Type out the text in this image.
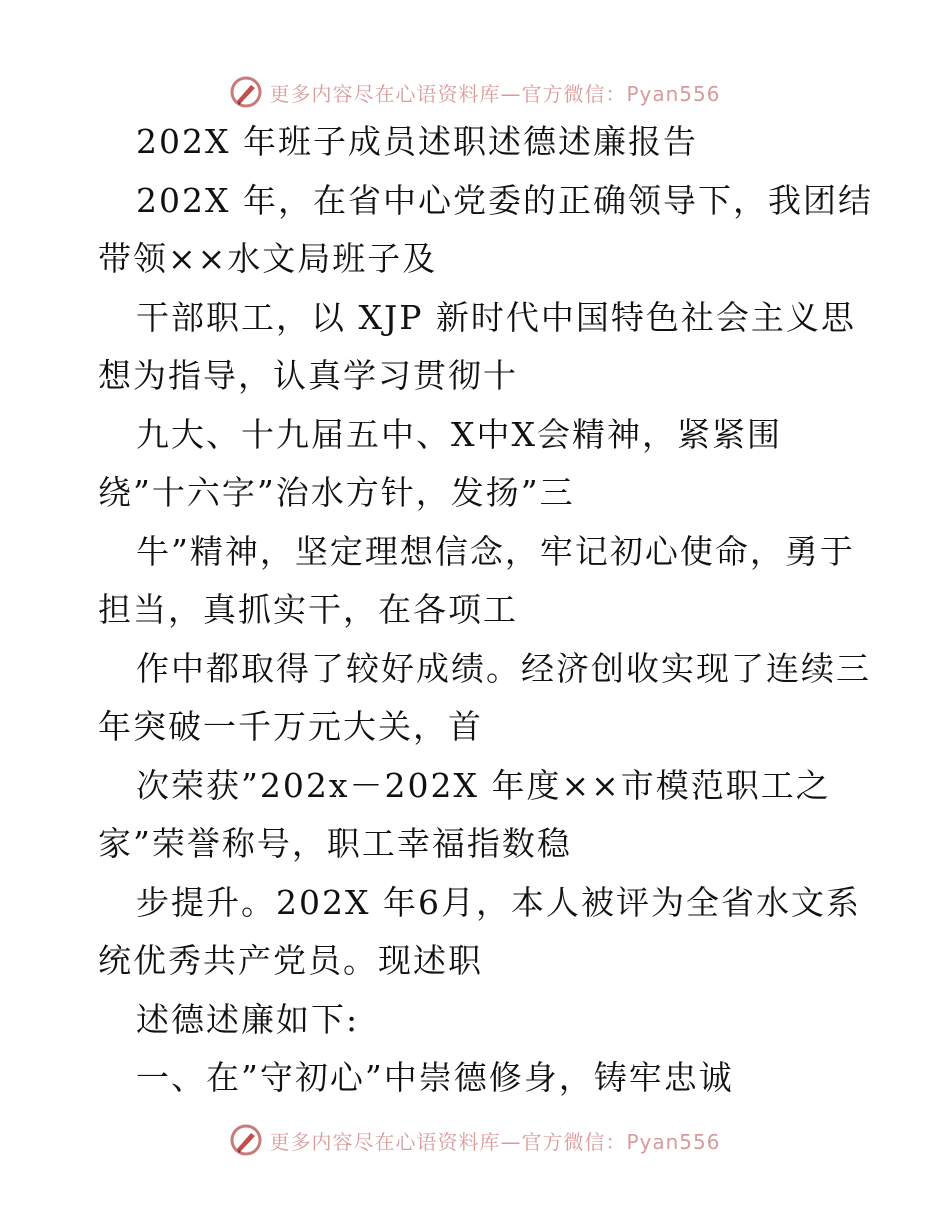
更多内容尽在心语资料库—官方微信：Pyan556
202X 年班子成员述职述德述廉报告
202X 年，在省中心党委的正确领导下，我团结
带领××水文局班子及
干部职工，以 XJP 新时代中国特色社会主义思
想为指导，认真学习贯彻十
九大、十九届五中、X中X会精神，紧紧围
绕”十六字”治水方针，发扬”三
牛”精神，坚定理想信念，牢记初心使命，勇于
担当，真抓实干，在各项工
作中都取得了较好成绩。经济创收实现了连续三
年突破一千万元大关，首
次荣获”202x－202X 年度××市模范职工之
家”荣誉称号，职工幸福指数稳
步提升。202X 年6月，本人被评为全省水文系
统优秀共产党员。现述职
述德述廉如下:
一、在”守初心”中崇德修身，铸牢忠诚
更多内容尽在心语资料库—官方微信：Pyan556
